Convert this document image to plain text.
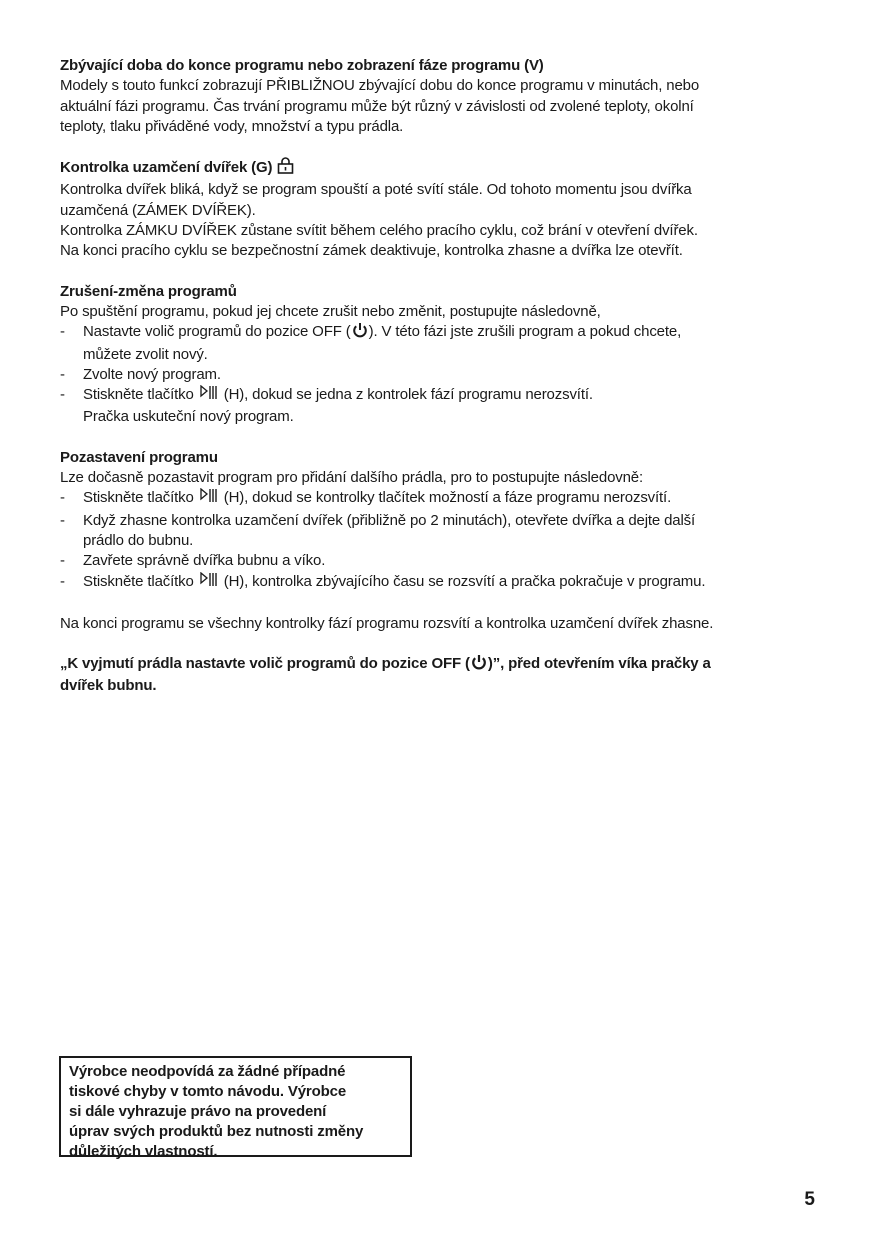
Zbývající doba do konce programu nebo zobrazení fáze programu (V)
Modely s touto funkcí zobrazují PŘIBLIŽNOU zbývající dobu do konce programu v minutách, nebo
aktuální fázi programu. Čas trvání programu může být různý v závislosti od zvolené teploty, okolní
teploty, tlaku přiváděné vody, množství a typu prádla.
Kontrolka uzamčení dvířek (G)
Kontrolka dvířek bliká, když se program spouští a poté svítí stále. Od tohoto momentu jsou dvířka
uzamčená (ZÁMEK DVÍŘEK).
Kontrolka ZÁMKU DVÍŘEK zůstane svítit během celého pracího cyklu, což brání v otevření dvířek.
Na konci pracího cyklu se bezpečnostní zámek deaktivuje, kontrolka zhasne a dvířka lze otevřít.
Zrušení-změna programů
Po spuštění programu, pokud jej chcete zrušit nebo změnit, postupujte následovně,
-	Nastavte volič programů do pozice OFF ( ). V této fázi jste zrušili program a pokud chcete,
můžete zvolit nový.
-	Zvolte nový program.
-	Stiskněte tlačítko (H), dokud se jedna z kontrolek fází programu nerozsvítí.
Pračka uskuteční nový program.
Pozastavení programu
Lze dočasně pozastavit program pro přidání dalšího prádla, pro to postupujte následovně:
-	Stiskněte tlačítko (H), dokud se kontrolky tlačítek možností a fáze programu nerozsvítí.
-	Když zhasne kontrolka uzamčení dvířek (přibližně po 2 minutách), otevřete dvířka a dejte další
prádlo do bubnu.
-	Zavřete správně dvířka bubnu a víko.
-	Stiskněte tlačítko (H), kontrolka zbývajícího času se rozsvítí a pračka pokračuje v programu.
Na konci programu se všechny kontrolky fází programu rozsvítí a kontrolka uzamčení dvířek zhasne.
„K vyjmutí prádla nastavte volič programů do pozice OFF ( )”, před otevřením víka pračky a
dvířek bubnu.
Výrobce neodpovídá za žádné případné
tiskové chyby v tomto návodu. Výrobce
si dále vyhrazuje právo na provedení
úprav svých produktů bez nutnosti změny
důležitých vlastností.
5
